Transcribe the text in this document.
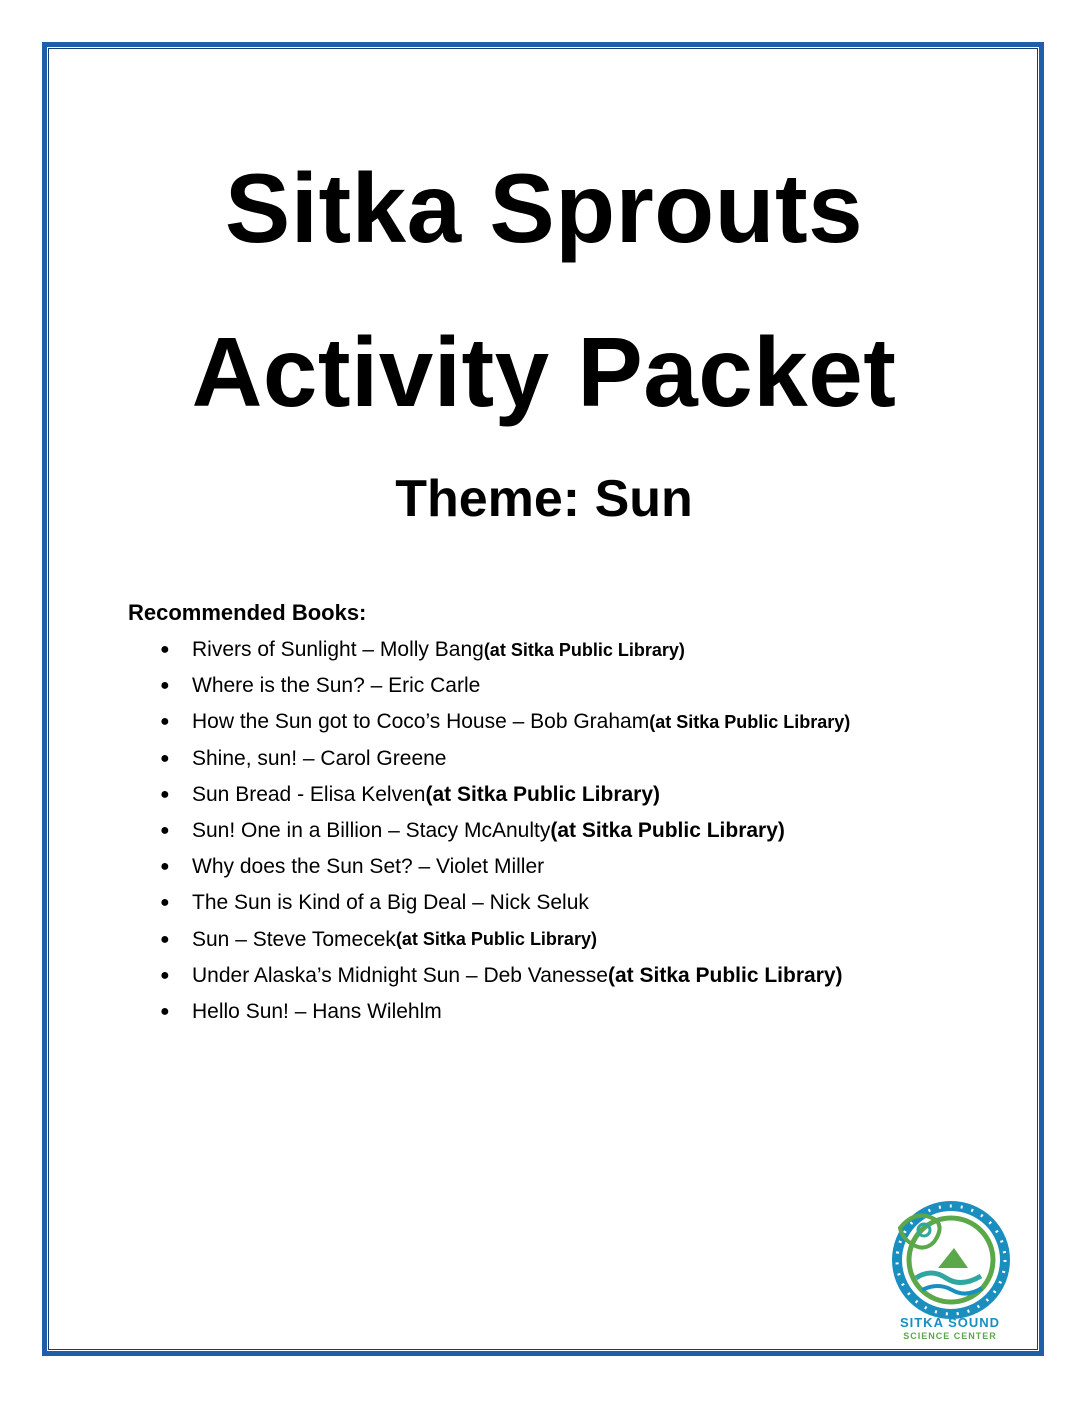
Sitka Sprouts
Activity Packet
Theme: Sun
Recommended Books:
●	Rivers of Sunlight – Molly Bang (at Sitka Public Library)
●	Where is the Sun? – Eric Carle
●	How the Sun got to Coco’s House – Bob Graham (at Sitka Public Library)
●	Shine, sun! – Carol Greene
●	Sun Bread - Elisa Kelven (at Sitka Public Library)
●	Sun! One in a Billion – Stacy McAnulty (at Sitka Public Library)
●	Why does the Sun Set? – Violet Miller
●	The Sun is Kind of a Big Deal – Nick Seluk
●	Sun – Steve Tomecek (at Sitka Public Library)
●	Under Alaska’s Midnight Sun – Deb Vanesse (at Sitka Public Library)
●	Hello Sun! – Hans Wilehlm
SITKA SOUND
SCIENCE CENTER
